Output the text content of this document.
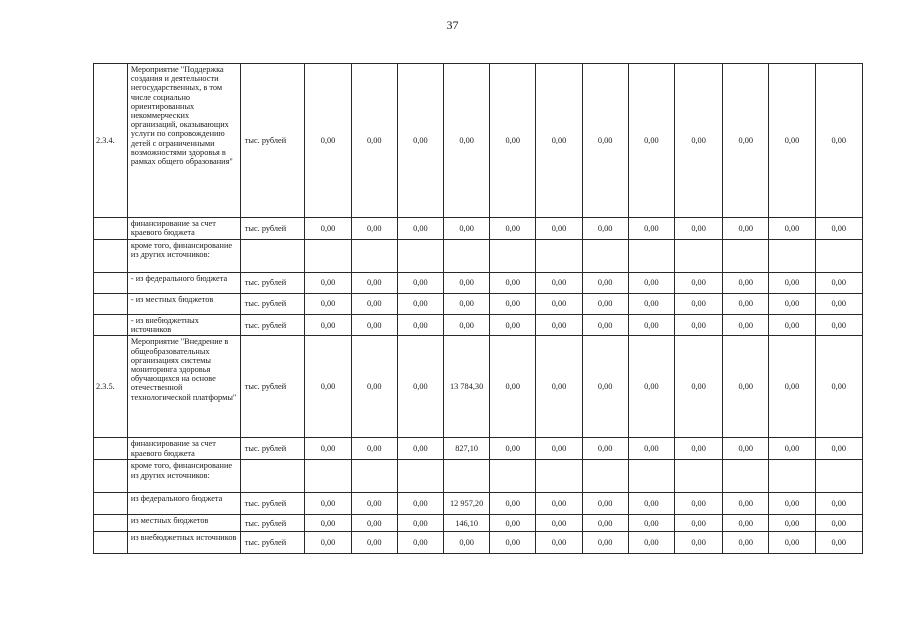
37
2.3.4.	Мероприятие "Поддержка создания и деятельности негосударственных, в том числе социально ориентированных некоммерческих организаций, оказывающих услуги по сопровождению детей с ограниченными возможностями здоровья в рамках общего образования"	тыс. рублей	0,00	0,00	0,00	0,00	0,00	0,00	0,00	0,00	0,00	0,00	0,00	0,00
	финансирование за счет краевого бюджета	тыс. рублей	0,00	0,00	0,00	0,00	0,00	0,00	0,00	0,00	0,00	0,00	0,00	0,00
	кроме того, финансирование из других источников:													
	- из федерального бюджета	тыс. рублей	0,00	0,00	0,00	0,00	0,00	0,00	0,00	0,00	0,00	0,00	0,00	0,00
	- из местных бюджетов	тыс. рублей	0,00	0,00	0,00	0,00	0,00	0,00	0,00	0,00	0,00	0,00	0,00	0,00
	- из внебюджетных источников	тыс. рублей	0,00	0,00	0,00	0,00	0,00	0,00	0,00	0,00	0,00	0,00	0,00	0,00
2.3.5.	Мероприятие "Внедрение в общеобразовательных организациях системы мониторинга здоровья обучающихся на основе отечественной технологической платформы"	тыс. рублей	0,00	0,00	0,00	13 784,30	0,00	0,00	0,00	0,00	0,00	0,00	0,00	0,00
	финансирование за счет краевого бюджета	тыс. рублей	0,00	0,00	0,00	827,10	0,00	0,00	0,00	0,00	0,00	0,00	0,00	0,00
	кроме того, финансирование из других источников:													
	из федерального бюджета	тыс. рублей	0,00	0,00	0,00	12 957,20	0,00	0,00	0,00	0,00	0,00	0,00	0,00	0,00
	из местных бюджетов	тыс. рублей	0,00	0,00	0,00	146,10	0,00	0,00	0,00	0,00	0,00	0,00	0,00	0,00
	из внебюджетных источников	тыс. рублей	0,00	0,00	0,00	0,00	0,00	0,00	0,00	0,00	0,00	0,00	0,00	0,00
